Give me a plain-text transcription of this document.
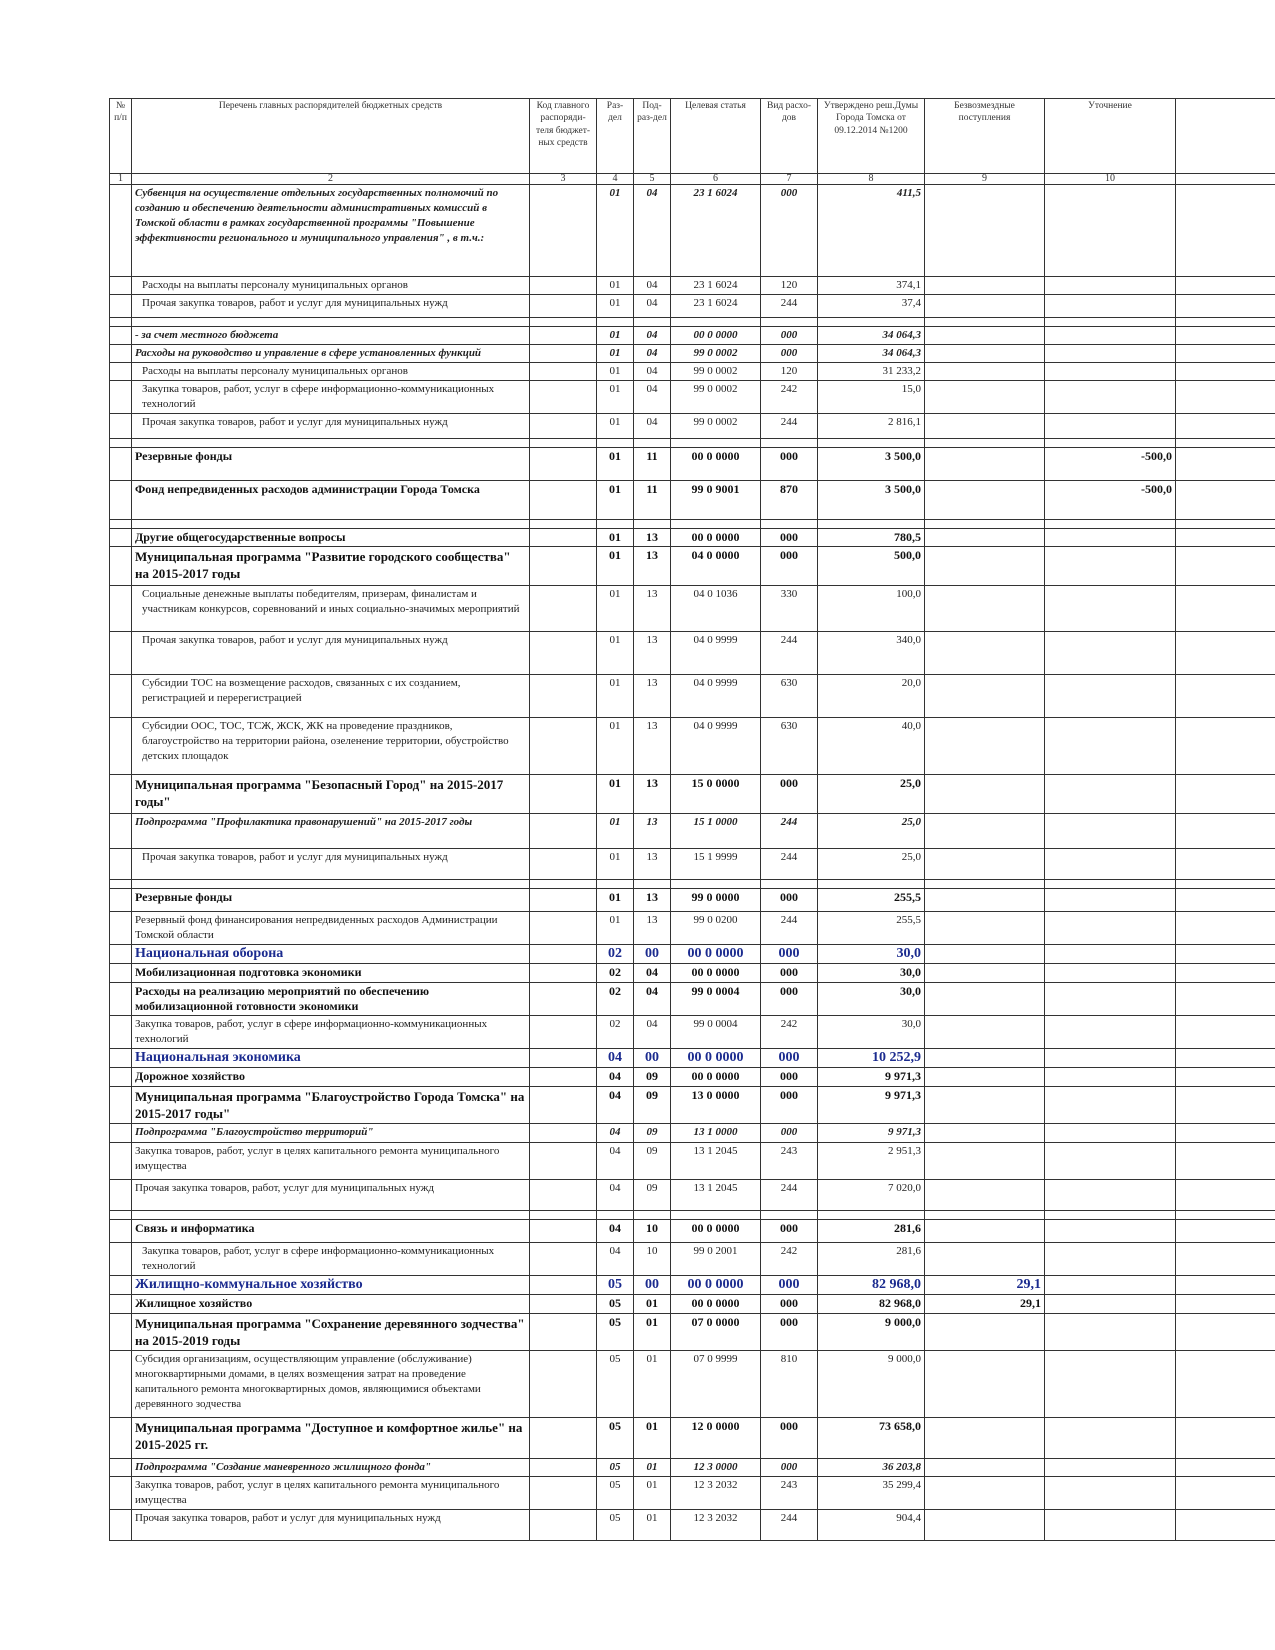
№ п/п	Перечень главных распорядителей бюджетных средств	Код главного распоряди-теля бюджет-ных средств	Раз-дел	Под-раз-дел	Целевая статья	Вид расхо-дов	Утверждено реш.Думы Города Томска от 09.12.2014 №1200	Безвозмездные поступления	Уточнение	
1	2	3	4	5	6	7	8	9	10	
	Субвенция на осуществление отдельных государственных полномочий по созданию и обеспечению деятельности административных комиссий в Томской области в рамках государственной программы "Повышение эффективности регионального и муниципального управления" , в т.ч.:		01	04	23 1 6024	000	411,5			
	Расходы на выплаты персоналу муниципальных органов		01	04	23 1 6024	120	374,1			
	Прочая закупка товаров, работ и услуг для муниципальных нужд		01	04	23 1 6024	244	37,4			

	- за счет местного бюджета		01	04	00 0 0000	000	34 064,3			
	Расходы на руководство и управление в сфере установленных функций		01	04	99 0 0002	000	34 064,3			
	Расходы на выплаты персоналу муниципальных органов		01	04	99 0 0002	120	31 233,2			
	Закупка товаров, работ, услуг в сфере информационно-коммуникационных технологий		01	04	99 0 0002	242	15,0			
	Прочая закупка товаров, работ и услуг для муниципальных нужд		01	04	99 0 0002	244	2 816,1			

	Резервные фонды		01	11	00 0 0000	000	3 500,0		-500,0	
	Фонд непредвиденных расходов администрации Города Томска		01	11	99 0 9001	870	3 500,0		-500,0	

	Другие общегосударственные вопросы		01	13	00 0 0000	000	780,5			
	Муниципальная программа "Развитие городского сообщества" на 2015-2017 годы		01	13	04 0 0000	000	500,0			
	Социальные денежные выплаты победителям, призерам, финалистам и участникам конкурсов, соревнований и иных социально-значимых мероприятий		01	13	04 0 1036	330	100,0			
	Прочая закупка товаров, работ и услуг для муниципальных нужд		01	13	04 0 9999	244	340,0			
	Субсидии ТОС на возмещение расходов, связанных с их созданием, регистрацией и перерегистрацией		01	13	04 0 9999	630	20,0			
	Субсидии ООС, ТОС, ТСЖ, ЖСК, ЖК на проведение праздников, благоустройство на территории района, озеленение территории, обустройство детских площадок		01	13	04 0 9999	630	40,0			
	Муниципальная программа "Безопасный Город" на 2015-2017 годы"		01	13	15 0 0000	000	25,0			
	Подпрограмма "Профилактика правонарушений" на 2015-2017 годы		01	13	15 1 0000	244	25,0			
	Прочая закупка товаров, работ и услуг для муниципальных нужд		01	13	15 1 9999	244	25,0			

	Резервные фонды		01	13	99 0 0000	000	255,5			
	Резервный фонд финансирования непредвиденных расходов Администрации Томской области		01	13	99 0 0200	244	255,5			
	Национальная оборона		02	00	00 0 0000	000	30,0			
	Мобилизационная подготовка экономики		02	04	00 0 0000	000	30,0			
	Расходы на реализацию мероприятий по обеспечению мобилизационной готовности экономики		02	04	99 0 0004	000	30,0			
	Закупка товаров, работ, услуг в сфере информационно-коммуникационных технологий		02	04	99 0 0004	242	30,0			
	Национальная экономика		04	00	00 0 0000	000	10 252,9			
	Дорожное хозяйство		04	09	00 0 0000	000	9 971,3			
	Муниципальная программа "Благоустройство Города Томска" на 2015-2017 годы"		04	09	13 0 0000	000	9 971,3			
	Подпрограмма "Благоустройство территорий"		04	09	13 1 0000	000	9 971,3			
	Закупка товаров, работ, услуг в целях капитального ремонта муниципального имущества		04	09	13 1 2045	243	2 951,3			
	Прочая закупка товаров, работ, услуг для муниципальных нужд		04	09	13 1 2045	244	7 020,0			

	Связь и информатика		04	10	00 0 0000	000	281,6			
	Закупка товаров, работ, услуг в сфере информационно-коммуникационных технологий		04	10	99 0 2001	242	281,6			
	Жилищно-коммунальное хозяйство		05	00	00 0 0000	000	82 968,0	29,1		
	Жилищное хозяйство		05	01	00 0 0000	000	82 968,0	29,1		
	Муниципальная программа "Сохранение деревянного зодчества" на 2015-2019 годы		05	01	07 0 0000	000	9 000,0			
	Субсидия организациям, осуществляющим управление (обслуживание) многоквартирными домами, в целях возмещения затрат на проведение капитального ремонта многоквартирных домов, являющимися объектами деревянного зодчества		05	01	07 0 9999	810	9 000,0			
	Муниципальная программа "Доступное и комфортное жилье" на 2015-2025 гг.		05	01	12 0 0000	000	73 658,0			
	Подпрограмма "Создание маневренного жилищного фонда"		05	01	12 3 0000	000	36 203,8			
	Закупка товаров, работ, услуг в целях капитального ремонта муниципального имущества		05	01	12 3 2032	243	35 299,4			
	Прочая закупка товаров, работ и услуг для муниципальных нужд		05	01	12 3 2032	244	904,4			
